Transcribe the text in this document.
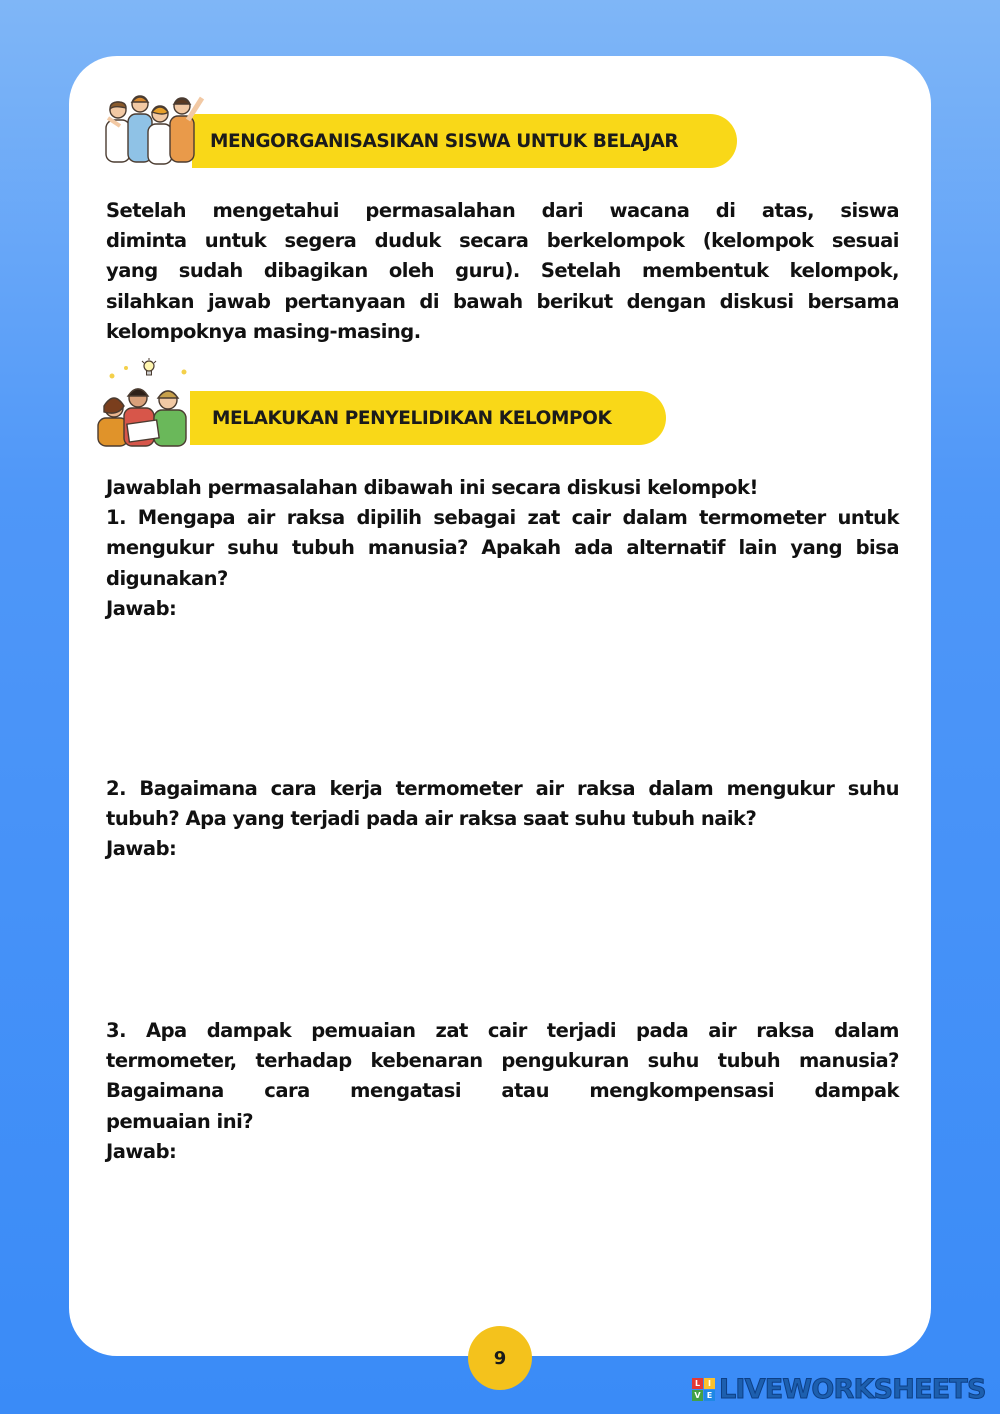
MENGORGANISASIKAN SISWA UNTUK BELAJAR
Setelah mengetahui permasalahan dari wacana di atas, siswa
diminta untuk segera duduk secara berkelompok (kelompok sesuai
yang sudah dibagikan oleh guru). Setelah membentuk kelompok,
silahkan jawab pertanyaan di bawah berikut dengan diskusi bersama
kelompoknya masing-masing.
MELAKUKAN PENYELIDIKAN KELOMPOK
Jawablah permasalahan dibawah ini secara diskusi kelompok!
1. Mengapa air raksa dipilih sebagai zat cair dalam termometer untuk
mengukur suhu tubuh manusia? Apakah ada alternatif lain yang bisa
digunakan?
Jawab:
2. Bagaimana cara kerja termometer air raksa dalam mengukur suhu
tubuh? Apa yang terjadi pada air raksa saat suhu tubuh naik?
Jawab:
3. Apa dampak pemuaian zat cair terjadi pada air raksa dalam
termometer, terhadap kebenaran pengukuran suhu tubuh manusia?
Bagaimana cara mengatasi atau mengkompensasi dampak
pemuaian ini?
Jawab:
9
L I
V E LIVEWORKSHEETS
